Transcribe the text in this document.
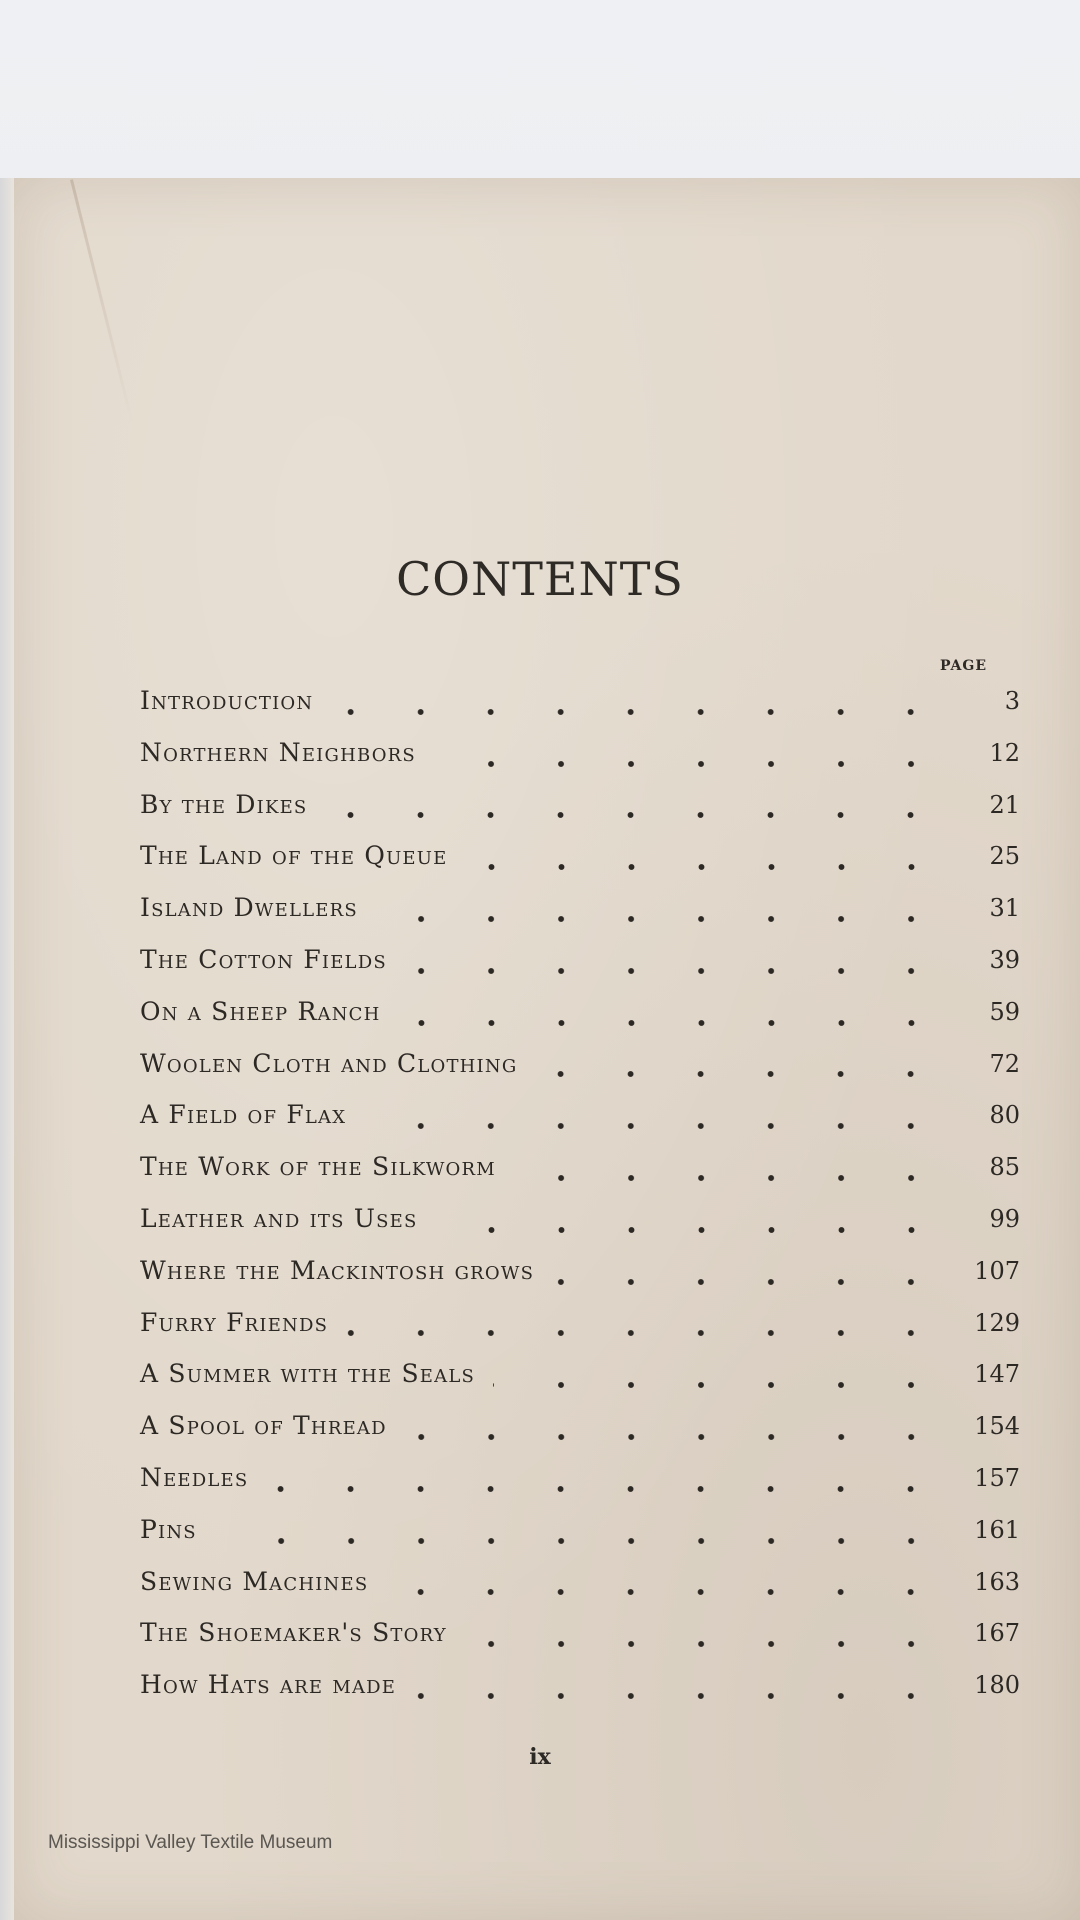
CONTENTS
PAGE
Introduction	3
Northern Neighbors	12
By the Dikes	21
The Land of the Queue	25
Island Dwellers	31
The Cotton Fields	39
On a Sheep Ranch	59
Woolen Cloth and Clothing	72
A Field of Flax	80
The Work of the Silkworm	85
Leather and its Uses	99
Where the Mackintosh grows	107
Furry Friends	129
A Summer with the Seals	147
A Spool of Thread	154
Needles	157
Pins	161
Sewing Machines	163
The Shoemaker's Story	167
How Hats are made	180
ix
Mississippi Valley Textile Museum
